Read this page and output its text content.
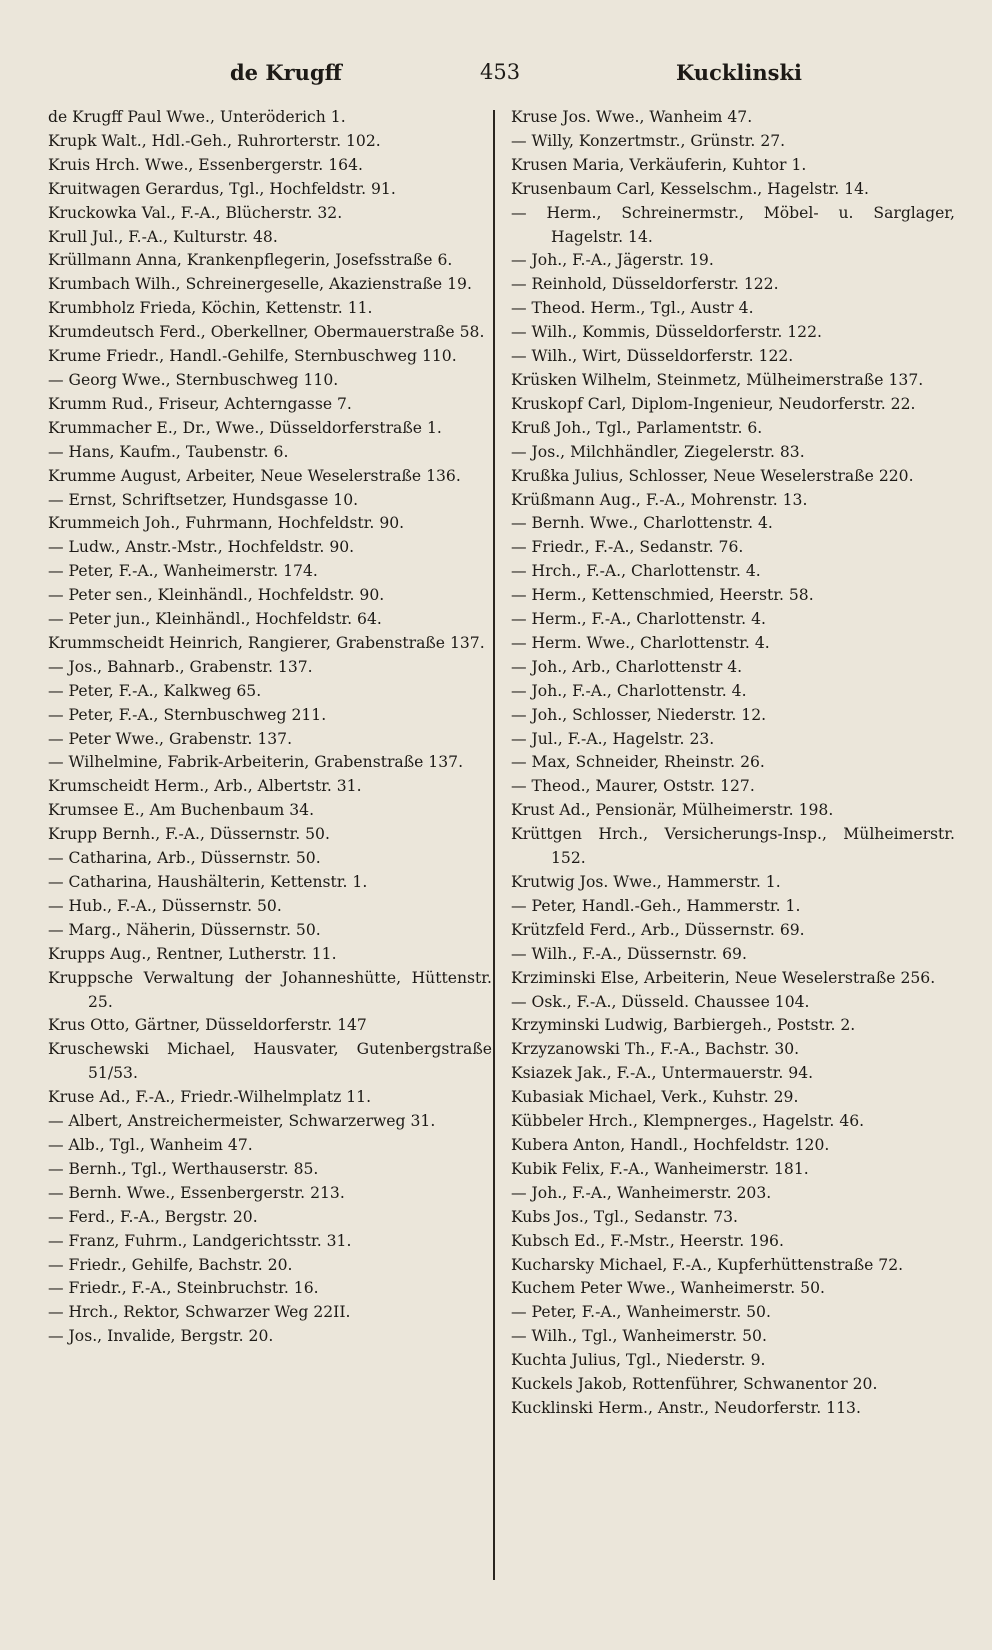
de Krugff	453	Kucklinski

de Krugff Paul Wwe., Unteröderich 1.

Krupk Walt., Hdl.-Geh., Ruhrorterstr. 102.

Kruis Hrch. Wwe., Essenbergerstr. 164.

Kruitwagen Gerardus, Tgl., Hochfeldstr. 91.

Kruckowka Val., F.-A., Blücherstr. 32.

Krull Jul., F.-A., Kulturstr. 48.

Krüllmann Anna, Krankenpflegerin, Josefsstraße 6.

Krumbach Wilh., Schreinergeselle, Akazienstraße 19.

Krumbholz Frieda, Köchin, Kettenstr. 11.

Krumdeutsch Ferd., Oberkellner, Obermauerstraße 58.

Krume Friedr., Handl.-Gehilfe, Sternbuschweg 110.

— Georg Wwe., Sternbuschweg 110.

Krumm Rud., Friseur, Achterngasse 7.

Krummacher E., Dr., Wwe., Düsseldorferstraße 1.

— Hans, Kaufm., Taubenstr. 6.

Krumme August, Arbeiter, Neue Weselerstraße 136.

— Ernst, Schriftsetzer, Hundsgasse 10.

Krummeich Joh., Fuhrmann, Hochfeldstr. 90.

— Ludw., Anstr.-Mstr., Hochfeldstr. 90.

— Peter, F.-A., Wanheimerstr. 174.

— Peter sen., Kleinhändl., Hochfeldstr. 90.

— Peter jun., Kleinhändl., Hochfeldstr. 64.

Krummscheidt Heinrich, Rangierer, Grabenstraße 137.

— Jos., Bahnarb., Grabenstr. 137.

— Peter, F.-A., Kalkweg 65.

— Peter, F.-A., Sternbuschweg 211.

— Peter Wwe., Grabenstr. 137.

— Wilhelmine, Fabrik-Arbeiterin, Grabenstraße 137.

Krumscheidt Herm., Arb., Albertstr. 31.

Krumsee E., Am Buchenbaum 34.

Krupp Bernh., F.-A., Düssernstr. 50.

— Catharina, Arb., Düssernstr. 50.

— Catharina, Haushälterin, Kettenstr. 1.

— Hub., F.-A., Düssernstr. 50.

— Marg., Näherin, Düssernstr. 50.

Krupps Aug., Rentner, Lutherstr. 11.

Kruppsche Verwaltung der Johanneshütte, Hüttenstr. 25.

Krus Otto, Gärtner, Düsseldorferstr. 147

Kruschewski Michael, Hausvater, Gutenbergstraße 51/53.

Kruse Ad., F.-A., Friedr.-Wilhelmplatz 11.

— Albert, Anstreichermeister, Schwarzerweg 31.

— Alb., Tgl., Wanheim 47.

— Bernh., Tgl., Werthauserstr. 85.

— Bernh. Wwe., Essenbergerstr. 213.

— Ferd., F.-A., Bergstr. 20.

— Franz, Fuhrm., Landgerichtsstr. 31.

— Friedr., Gehilfe, Bachstr. 20.

— Friedr., F.-A., Steinbruchstr. 16.

— Hrch., Rektor, Schwarzer Weg 22II.

— Jos., Invalide, Bergstr. 20.

Kruse Jos. Wwe., Wanheim 47.

— Willy, Konzertmstr., Grünstr. 27.

Krusen Maria, Verkäuferin, Kuhtor 1.

Krusenbaum Carl, Kesselschm., Hagelstr. 14.

— Herm., Schreinermstr., Möbel- u. Sarglager, Hagelstr. 14.

— Joh., F.-A., Jägerstr. 19.

— Reinhold, Düsseldorferstr. 122.

— Theod. Herm., Tgl., Austr 4.

— Wilh., Kommis, Düsseldorferstr. 122.

— Wilh., Wirt, Düsseldorferstr. 122.

Krüsken Wilhelm, Steinmetz, Mülheimerstraße 137.

Kruskopf Carl, Diplom-Ingenieur, Neudorferstr. 22.

Kruß Joh., Tgl., Parlamentstr. 6.

— Jos., Milchhändler, Ziegelerstr. 83.

Krußka Julius, Schlosser, Neue Weselerstraße 220.

Krüßmann Aug., F.-A., Mohrenstr. 13.

— Bernh. Wwe., Charlottenstr. 4.

— Friedr., F.-A., Sedanstr. 76.

— Hrch., F.-A., Charlottenstr. 4.

— Herm., Kettenschmied, Heerstr. 58.

— Herm., F.-A., Charlottenstr. 4.

— Herm. Wwe., Charlottenstr. 4.

— Joh., Arb., Charlottenstr 4.

— Joh., F.-A., Charlottenstr. 4.

— Joh., Schlosser, Niederstr. 12.

— Jul., F.-A., Hagelstr. 23.

— Max, Schneider, Rheinstr. 26.

— Theod., Maurer, Oststr. 127.

Krust Ad., Pensionär, Mülheimerstr. 198.

Krüttgen Hrch., Versicherungs-Insp., Mülheimerstr. 152.

Krutwig Jos. Wwe., Hammerstr. 1.

— Peter, Handl.-Geh., Hammerstr. 1.

Krützfeld Ferd., Arb., Düssernstr. 69.

— Wilh., F.-A., Düssernstr. 69.

Krziminski Else, Arbeiterin, Neue Weselerstraße 256.

— Osk., F.-A., Düsseld. Chaussee 104.

Krzyminski Ludwig, Barbiergeh., Poststr. 2.

Krzyzanowski Th., F.-A., Bachstr. 30.

Ksiazek Jak., F.-A., Untermauerstr. 94.

Kubasiak Michael, Verk., Kuhstr. 29.

Kübbeler Hrch., Klempnerges., Hagelstr. 46.

Kubera Anton, Handl., Hochfeldstr. 120.

Kubik Felix, F.-A., Wanheimerstr. 181.

— Joh., F.-A., Wanheimerstr. 203.

Kubs Jos., Tgl., Sedanstr. 73.

Kubsch Ed., F.-Mstr., Heerstr. 196.

Kucharsky Michael, F.-A., Kupferhüttenstraße 72.

Kuchem Peter Wwe., Wanheimerstr. 50.

— Peter, F.-A., Wanheimerstr. 50.

— Wilh., Tgl., Wanheimerstr. 50.

Kuchta Julius, Tgl., Niederstr. 9.

Kuckels Jakob, Rottenführer, Schwanentor 20.

Kucklinski Herm., Anstr., Neudorferstr. 113.
